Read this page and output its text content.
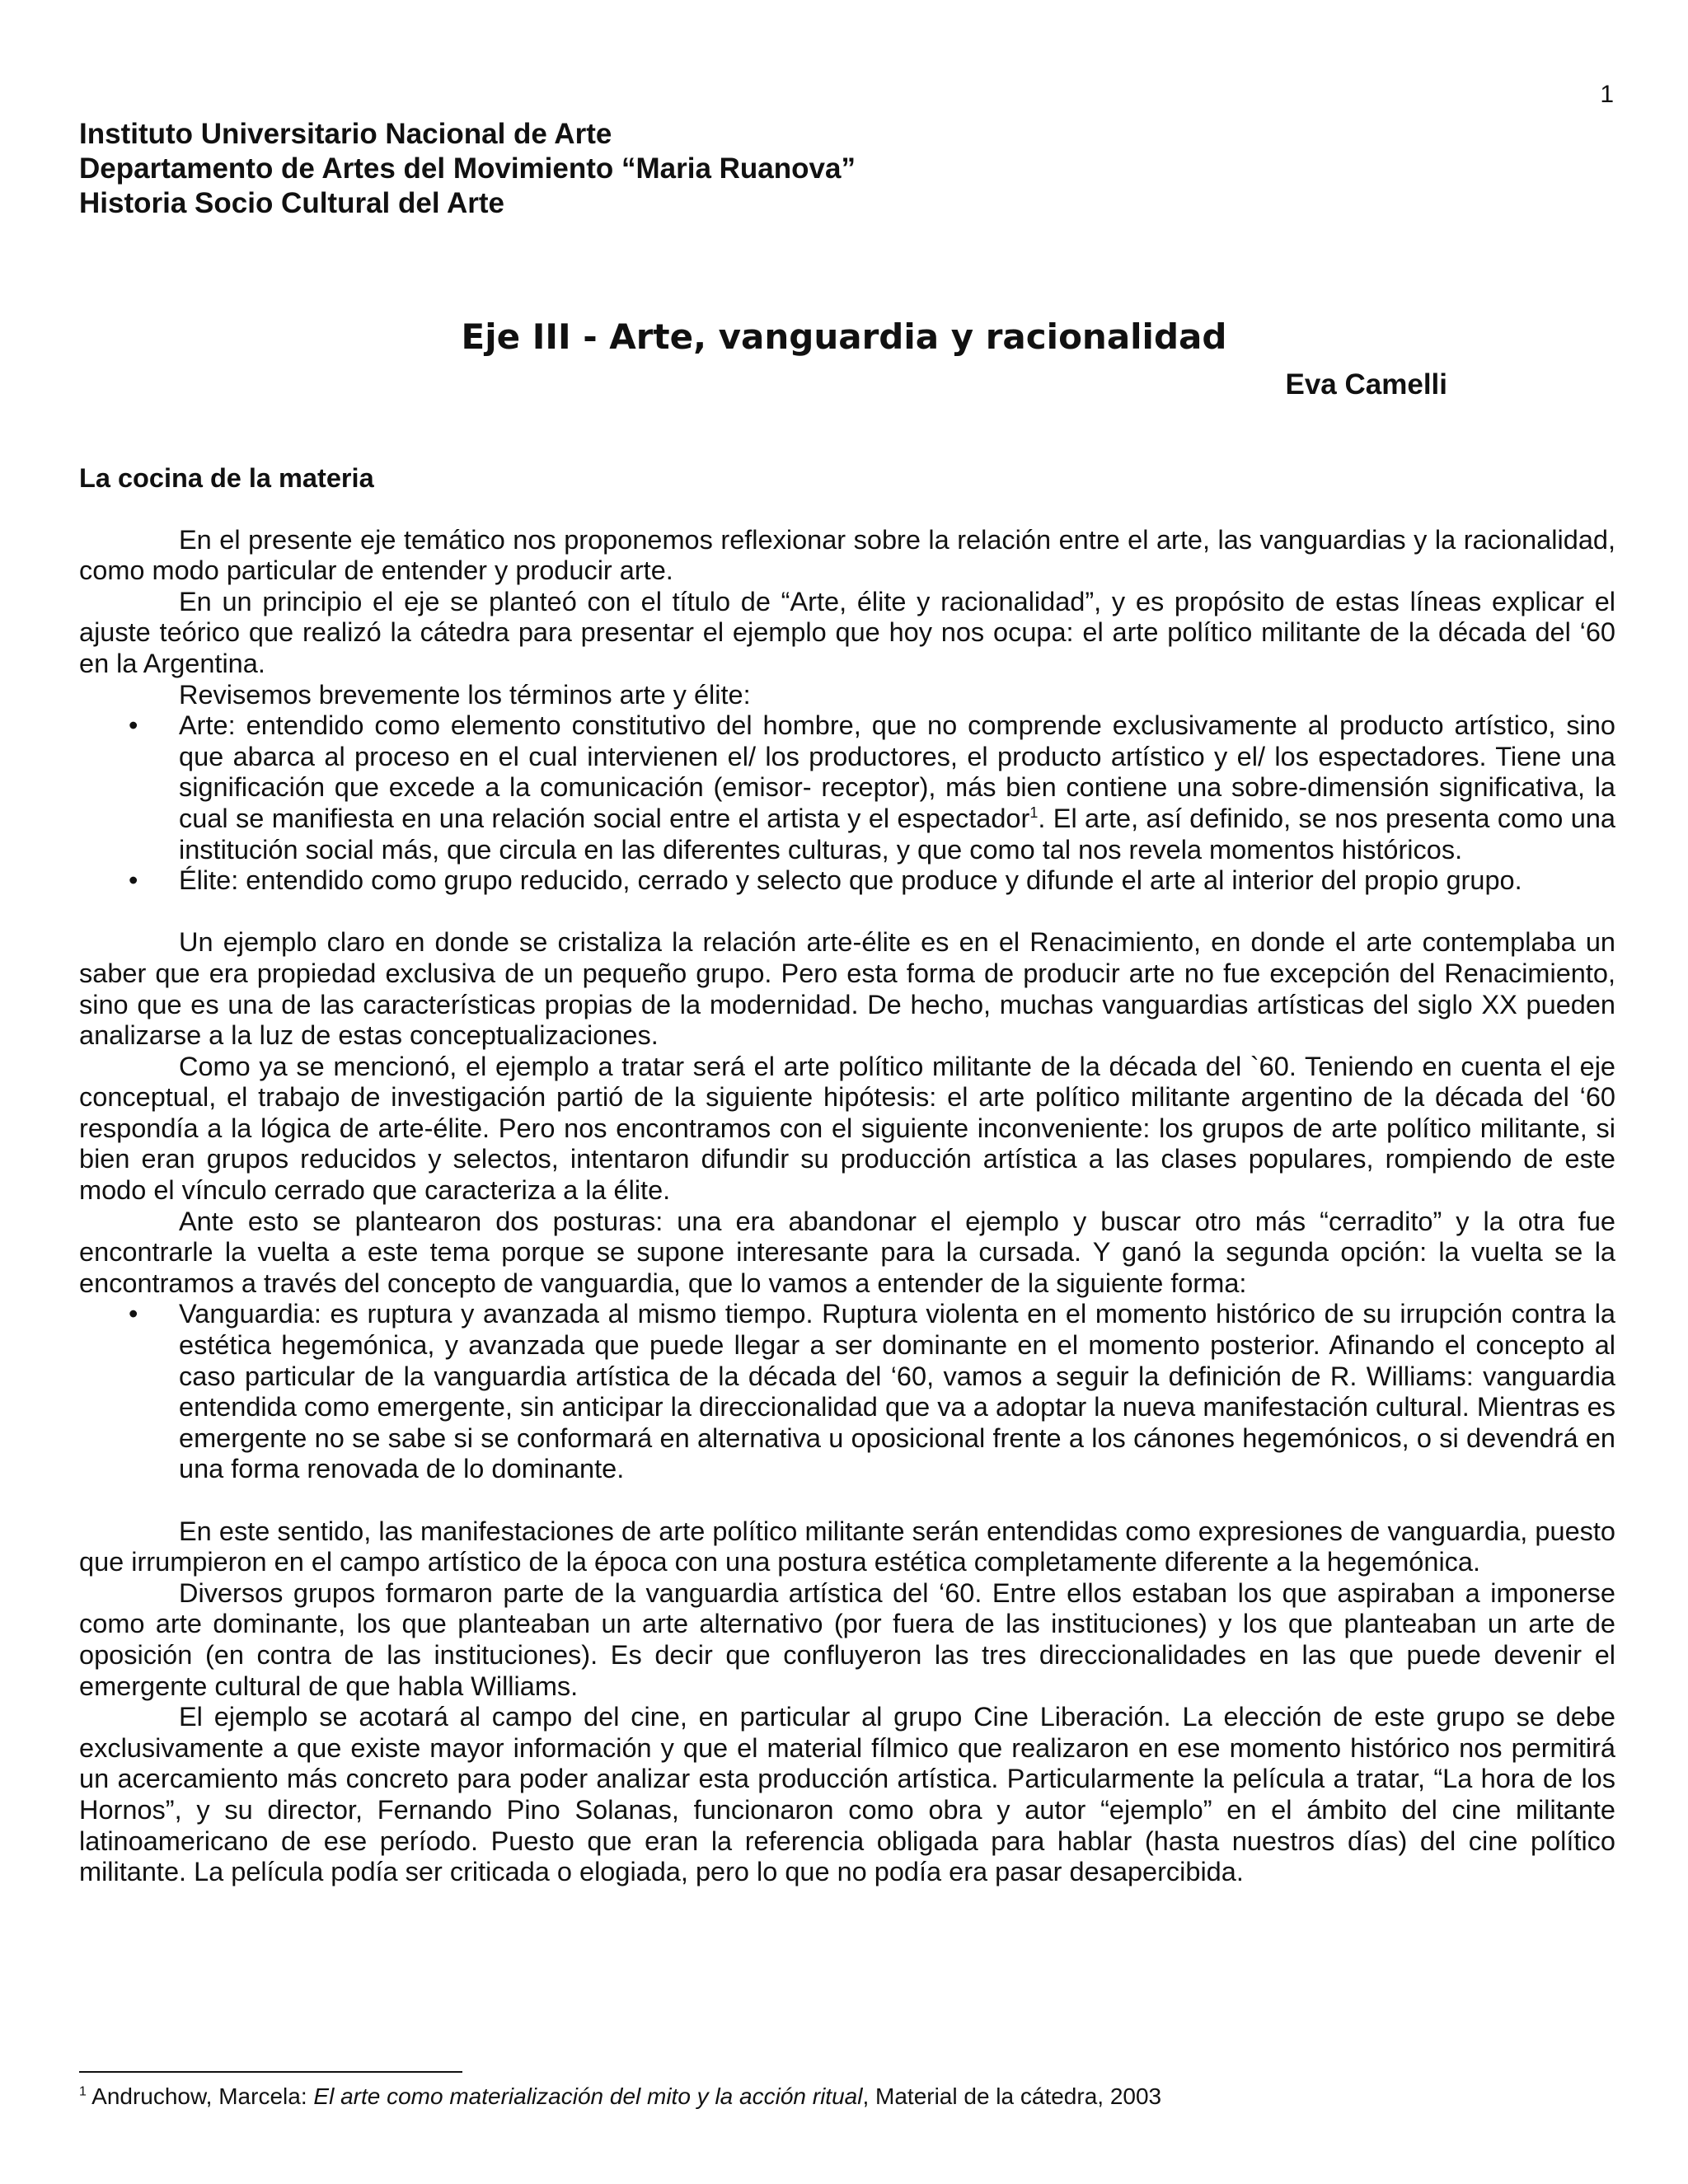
1
Instituto Universitario Nacional de Arte
Departamento de Artes del Movimiento “Maria Ruanova”
Historia Socio Cultural del Arte
Eje III - Arte, vanguardia y racionalidad
Eva Camelli
La cocina de la materia

En el presente eje temático nos proponemos reflexionar sobre la relación entre el arte, las vanguardias y la racionalidad, como modo particular de entender y producir arte.

En un principio el eje se planteó con el título de “Arte, élite y racionalidad”, y es propósito de estas líneas explicar el ajuste teórico que realizó la cátedra para presentar el ejemplo que hoy nos ocupa: el arte político militante de la década del ‘60 en la Argentina.

Revisemos brevemente los términos arte y élite:

• Arte: entendido como elemento constitutivo del hombre, que no comprende exclusivamente al producto artístico, sino que abarca al proceso en el cual intervienen el/ los productores, el producto artístico y el/ los espectadores. Tiene una significación que excede a la comunicación (emisor- receptor), más bien contiene una sobre-dimensión significativa, la cual se manifiesta en una relación social entre el artista y el espectador$^1$. El arte, así definido, se nos presenta como una institución social más, que circula en las diferentes culturas, y que como tal nos revela momentos históricos.
• Élite: entendido como grupo reducido, cerrado y selecto que produce y difunde el arte al interior del propio grupo.

Un ejemplo claro en donde se cristaliza la relación arte-élite es en el Renacimiento, en donde el arte contemplaba un saber que era propiedad exclusiva de un pequeño grupo. Pero esta forma de producir arte no fue excepción del Renacimiento, sino que es una de las características propias de la modernidad. De hecho, muchas vanguardias artísticas del siglo XX pueden analizarse a la luz de estas conceptualizaciones.

Como ya se mencionó, el ejemplo a tratar será el arte político militante de la década del `60. Teniendo en cuenta el eje conceptual, el trabajo de investigación partió de la siguiente hipótesis: el arte político militante argentino de la década del ‘60 respondía a la lógica de arte-élite. Pero nos encontramos con el siguiente inconveniente: los grupos de arte político militante, si bien eran grupos reducidos y selectos, intentaron difundir su producción artística a las clases populares, rompiendo de este modo el vínculo cerrado que caracteriza a la élite.

Ante esto se plantearon dos posturas: una era abandonar el ejemplo y buscar otro más “cerradito” y la otra fue encontrarle la vuelta a este tema porque se supone interesante para la cursada. Y ganó la segunda opción: la vuelta se la encontramos a través del concepto de vanguardia, que lo vamos a entender de la siguiente forma:

• Vanguardia: es ruptura y avanzada al mismo tiempo. Ruptura violenta en el momento histórico de su irrupción contra la estética hegemónica, y avanzada que puede llegar a ser dominante en el momento posterior. Afinando el concepto al caso particular de la vanguardia artística de la década del ‘60, vamos a seguir la definición de R. Williams: vanguardia entendida como emergente, sin anticipar la direccionalidad que va a adoptar la nueva manifestación cultural. Mientras es emergente no se sabe si se conformará en alternativa u oposicional frente a los cánones hegemónicos, o si devendrá en una forma renovada de lo dominante.

En este sentido, las manifestaciones de arte político militante serán entendidas como expresiones de vanguardia, puesto que irrumpieron en el campo artístico de la época con una postura estética completamente diferente a la hegemónica.

Diversos grupos formaron parte de la vanguardia artística del ‘60. Entre ellos estaban los que aspiraban a imponerse como arte dominante, los que planteaban un arte alternativo (por fuera de las instituciones) y los que planteaban un arte de oposición (en contra de las instituciones). Es decir que confluyeron las tres direccionalidades en las que puede devenir el emergente cultural de que habla Williams.

El ejemplo se acotará al campo del cine, en particular al grupo Cine Liberación. La elección de este grupo se debe exclusivamente a que existe mayor información y que el material fílmico que realizaron en ese momento histórico nos permitirá un acercamiento más concreto para poder analizar esta producción artística. Particularmente la película a tratar, “La hora de los Hornos”, y su director, Fernando Pino Solanas, funcionaron como obra y autor “ejemplo” en el ámbito del cine militante latinoamericano de ese período. Puesto que eran la referencia obligada para hablar (hasta nuestros días) del cine político militante. La película podía ser criticada o elogiada, pero lo que no podía era pasar desapercibida.

$^1$ Andruchow, Marcela: El arte como materialización del mito y la acción ritual, Material de la cátedra, 2003
